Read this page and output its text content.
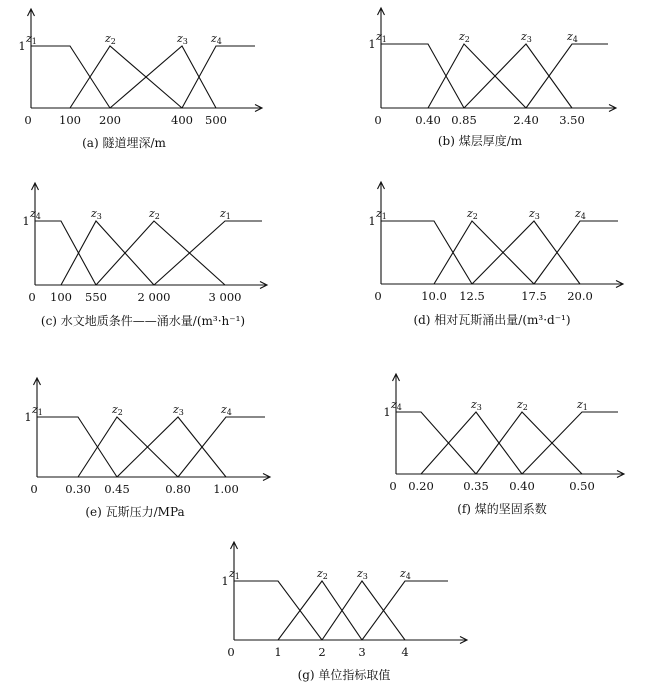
1
0 100 200	400 500
z1	z2	z3 z4
(a) 隧道埋深/m
1
0	0.40 0.85	2.40 3.50
z1	z2	z3	z4
(b) 煤层厚度/m
1
0 100 550	2 000	3 000
z4	z3	z2	z1
(c) 水文地质条件——涌水量/(m³·h⁻¹)
1
0	10.0 12.5	17.5 20.0
z1	z2	z3	z4
(d) 相对瓦斯涌出量/(m³·d⁻¹)
1
0 0.30 0.45	0.80 1.00
z1	z2	z3	z4
(e) 瓦斯压力/MPa
1
0 0.20	0.35 0.40	0.50
z4	z3	z2	z1
(f) 煤的坚固系数
1
0	1	2	3	4
z1	z2	z3	z4
(g) 单位指标取值
